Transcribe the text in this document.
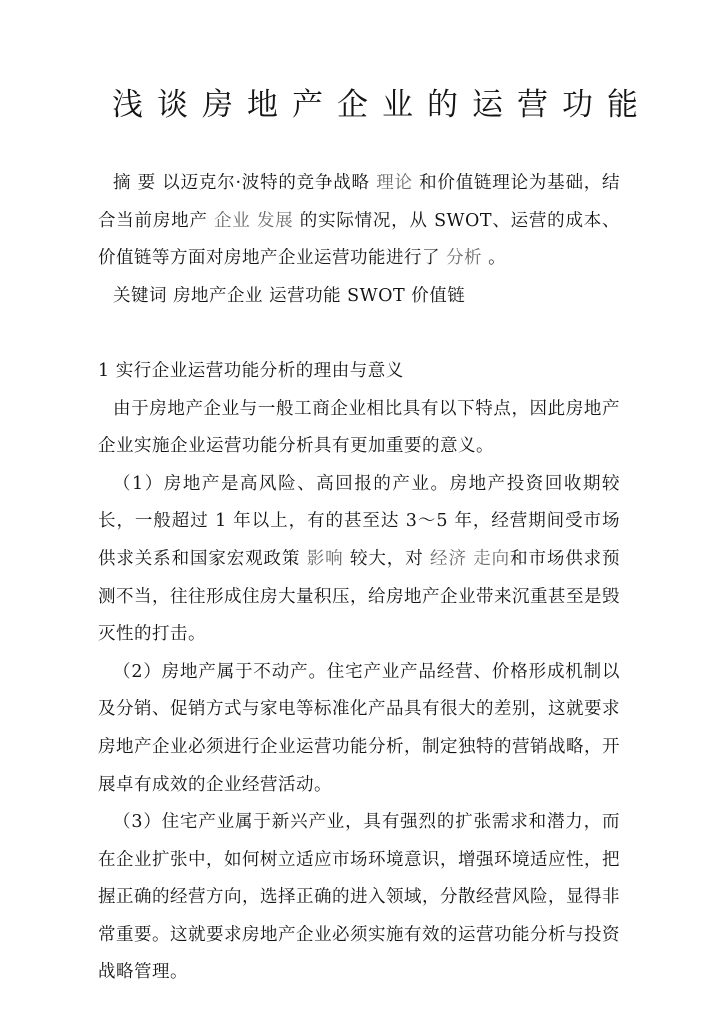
浅谈房地产企业的运营功能

摘 要 以迈克尔·波特的竞争战略 理论 和价值链理论为基础，结合当前房地产 企业 发展 的实际情况，从 SWOT、运营的成本、价值链等方面对房地产企业运营功能进行了 分析 。

关键词 房地产企业 运营功能 SWOT 价值链

1 实行企业运营功能分析的理由与意义

由于房地产企业与一般工商企业相比具有以下特点，因此房地产企业实施企业运营功能分析具有更加重要的意义。

（1）房地产是高风险、高回报的产业。房地产投资回收期较长，一般超过 1 年以上，有的甚至达 3～5 年，经营期间受市场供求关系和国家宏观政策 影响 较大，对 经济 走向和市场供求预测不当，往往形成住房大量积压，给房地产企业带来沉重甚至是毁灭性的打击。

（2）房地产属于不动产。住宅产业产品经营、价格形成机制以及分销、促销方式与家电等标准化产品具有很大的差别，这就要求房地产企业必须进行企业运营功能分析，制定独特的营销战略，开展卓有成效的企业经营活动。

（3）住宅产业属于新兴产业，具有强烈的扩张需求和潜力，而在企业扩张中，如何树立适应市场环境意识，增强环境适应性，把握正确的经营方向，选择正确的进入领域，分散经营风险，显得非常重要。这就要求房地产企业必须实施有效的运营功能分析与投资战略管理。
